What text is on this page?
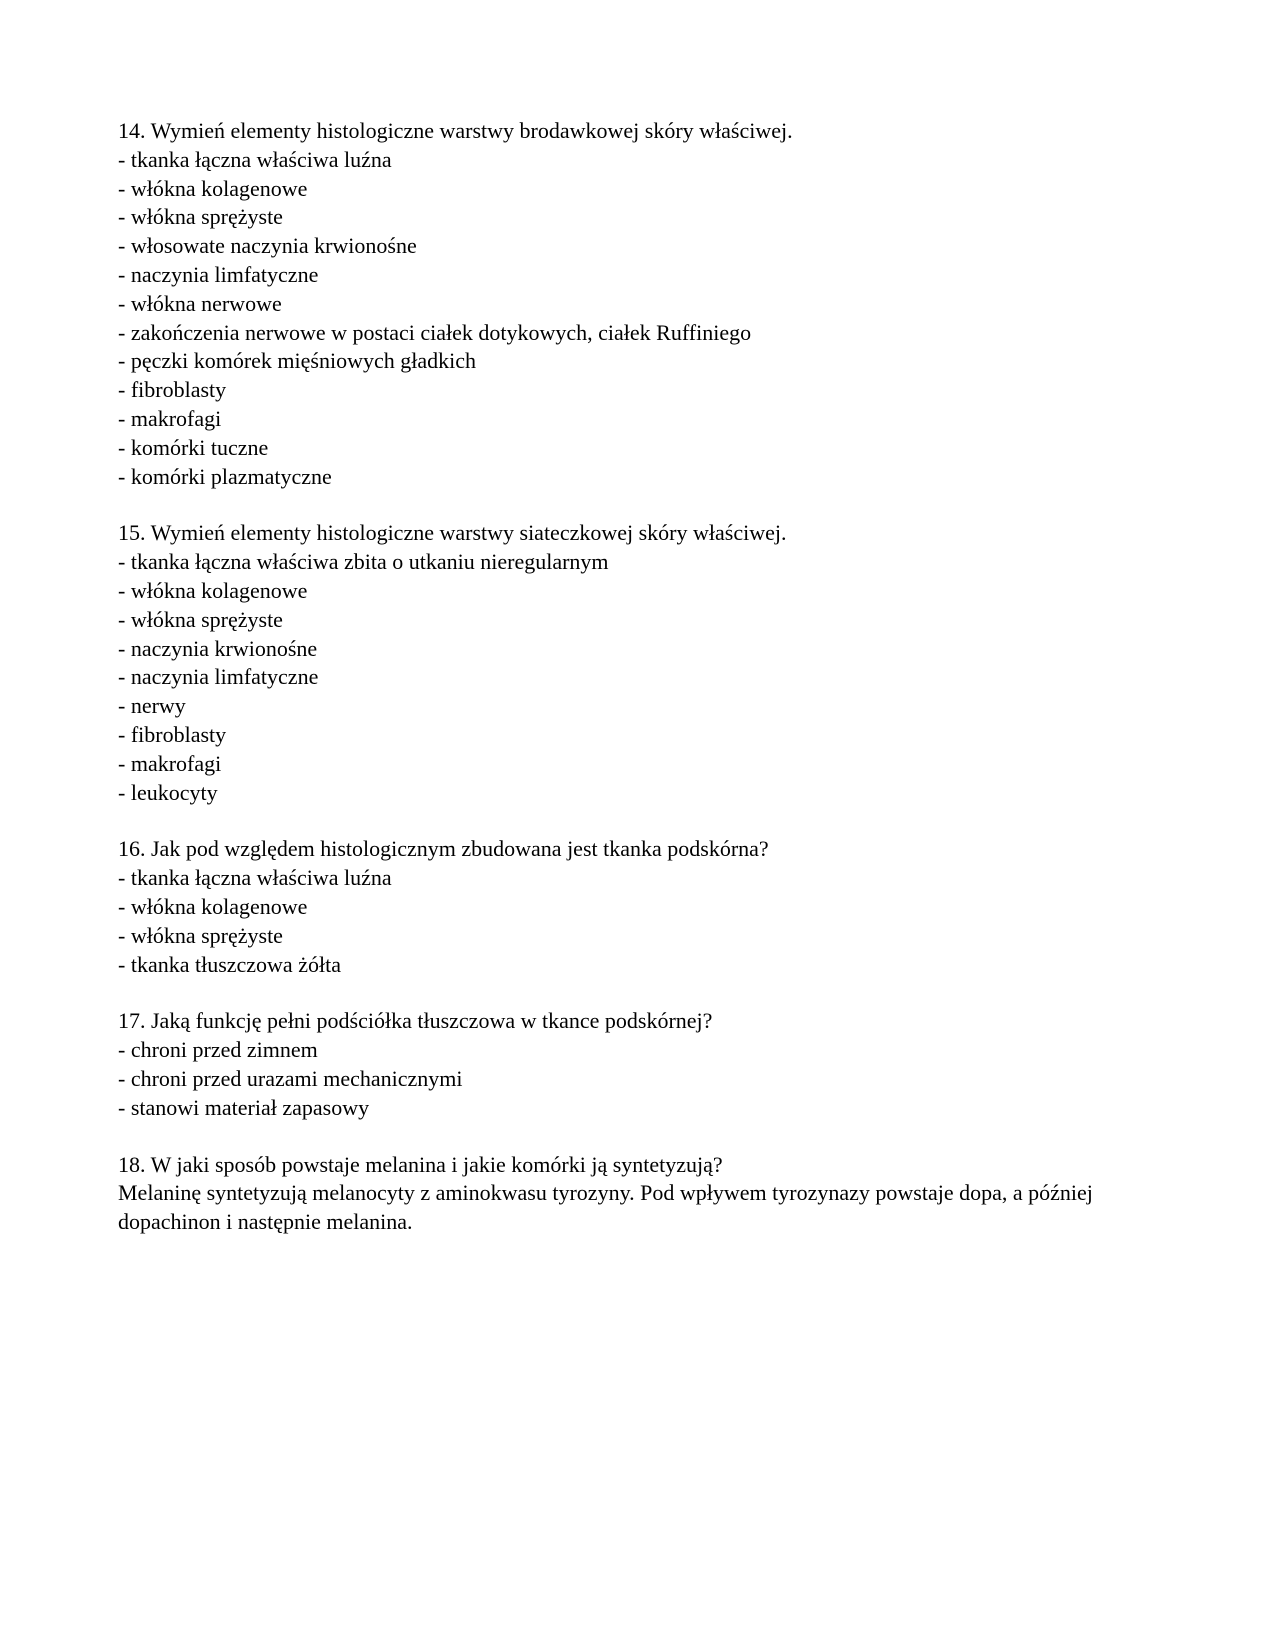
14. Wymień elementy histologiczne warstwy brodawkowej skóry właściwej.
- tkanka łączna właściwa luźna
- włókna kolagenowe
- włókna sprężyste
- włosowate naczynia krwionośne
- naczynia limfatyczne
- włókna nerwowe
- zakończenia nerwowe w postaci ciałek dotykowych, ciałek Ruffiniego
- pęczki komórek mięśniowych gładkich
- fibroblasty
- makrofagi
- komórki tuczne
- komórki plazmatyczne
15. Wymień elementy histologiczne warstwy siateczkowej skóry właściwej.
- tkanka łączna właściwa zbita o utkaniu nieregularnym
- włókna kolagenowe
- włókna sprężyste
- naczynia krwionośne
- naczynia limfatyczne
- nerwy
- fibroblasty
- makrofagi
- leukocyty
16. Jak pod względem histologicznym zbudowana jest tkanka podskórna?
- tkanka łączna właściwa luźna
- włókna kolagenowe
- włókna sprężyste
- tkanka tłuszczowa żółta
17. Jaką funkcję pełni podściółka tłuszczowa w tkance podskórnej?
- chroni przed zimnem
- chroni przed urazami mechanicznymi
- stanowi materiał zapasowy
18. W jaki sposób powstaje melanina i jakie komórki ją syntetyzują?
Melaninę syntetyzują melanocyty z aminokwasu tyrozyny. Pod wpływem tyrozynazy powstaje dopa, a później dopachinon i następnie melanina.
